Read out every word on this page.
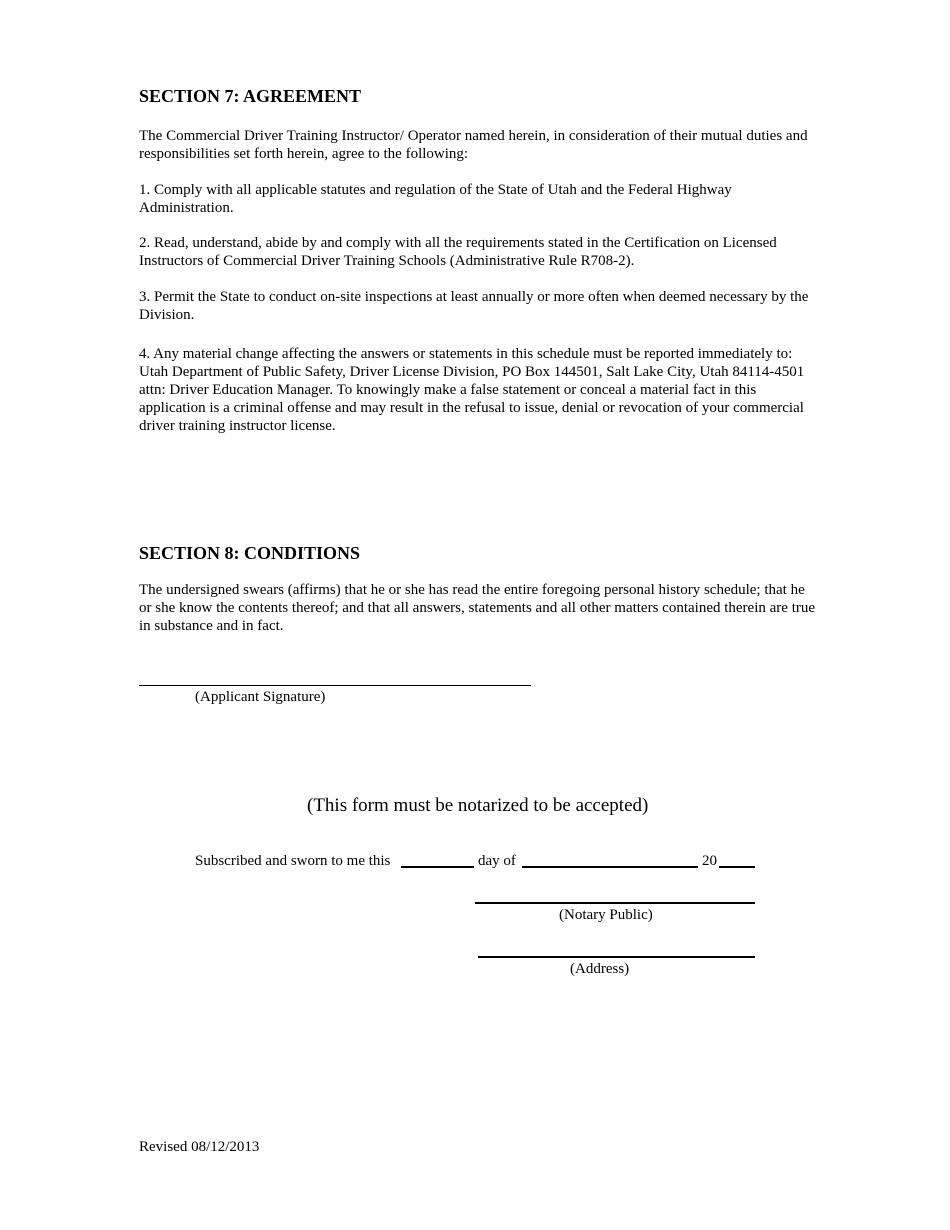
SECTION 7: AGREEMENT

The Commercial Driver Training Instructor/ Operator named herein, in consideration of their mutual duties and responsibilities set forth herein, agree to the following:

1. Comply with all applicable statutes and regulation of the State of Utah and the Federal Highway Administration.

2. Read, understand, abide by and comply with all the requirements stated in the Certification on Licensed Instructors of Commercial Driver Training Schools (Administrative Rule R708-2).

3. Permit the State to conduct on-site inspections at least annually or more often when deemed necessary by the Division.

4. Any material change affecting the answers or statements in this schedule must be reported immediately to: Utah Department of Public Safety, Driver License Division, PO Box 144501, Salt Lake City, Utah 84114-4501 attn: Driver Education Manager. To knowingly make a false statement or conceal a material fact in this application is a criminal offense and may result in the refusal to issue, denial or revocation of your commercial driver training instructor license.

SECTION 8: CONDITIONS

The undersigned swears (affirms) that he or she has read the entire foregoing personal history schedule; that he or she know the contents thereof; and that all answers, statements and all other matters contained therein are true in substance and in fact.

(Applicant Signature)
(This form must be notarized to be accepted)
Subscribed and sworn to me this	day of	20
(Notary Public)
(Address)
Revised 08/12/2013
